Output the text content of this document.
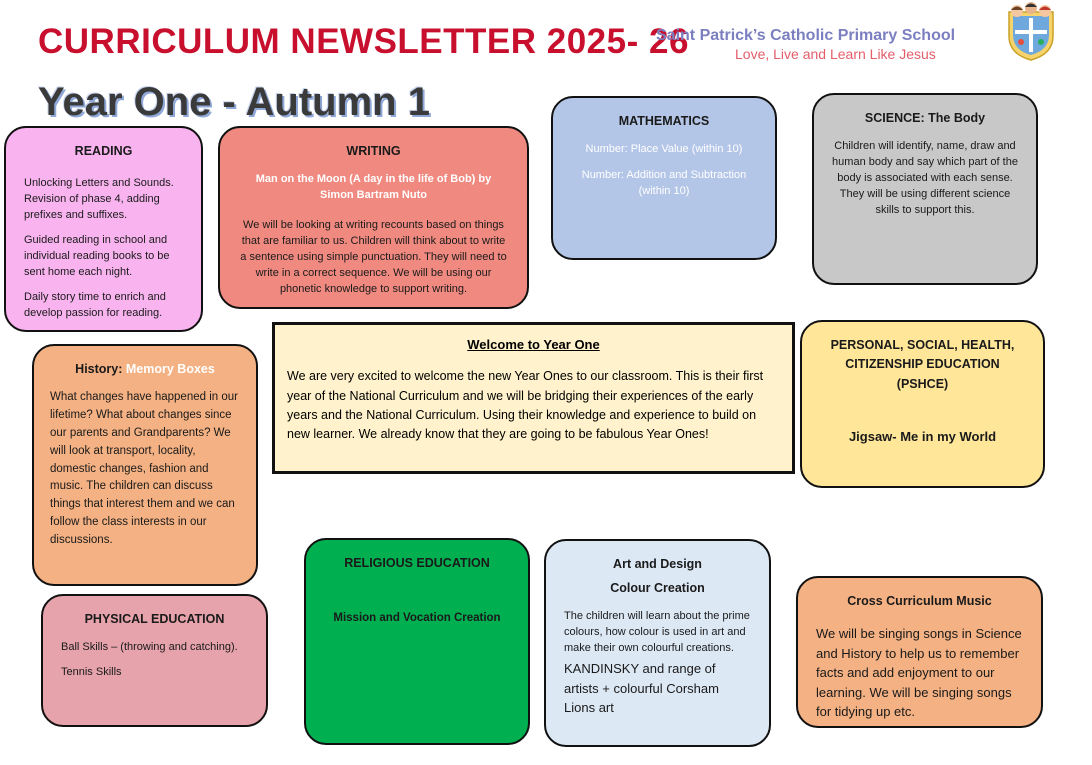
CURRICULUM NEWSLETTER 2025- 26
Year One - Autumn 1
Saint Patrick’s Catholic Primary School
Love, Live and Learn Like Jesus
READING

Unlocking Letters and Sounds. Revision of phase 4, adding prefixes and suffixes.

Guided reading in school and individual reading books to be sent home each night.

Daily story time to enrich and develop passion for reading.

WRITING

Man on the Moon (A day in the life of Bob) by Simon Bartram Nuto

We will be looking at writing recounts based on things that are familiar to us. Children will think about to write a sentence using simple punctuation. They will need to write in a correct sequence. We will be using our phonetic knowledge to support writing.

MATHEMATICS

Number: Place Value (within 10)

Number: Addition and Subtraction (within 10)

SCIENCE: The Body

Children will identify, name, draw and human body and say which part of the body is associated with each sense. They will be using different science skills to support this.

Welcome to Year One
We are very excited to welcome the new Year Ones to our classroom. This is their first year of the National Curriculum and we will be bridging their experiences of the early years and the National Curriculum. Using their knowledge and experience to build on new learner. We already know that they are going to be fabulous Year Ones!
PERSONAL, SOCIAL, HEALTH, CITIZENSHIP EDUCATION (PSHCE)
Jigsaw- Me in my World
History: Memory Boxes
What changes have happened in our lifetime? What about changes since our parents and Grandparents? We will look at transport, locality, domestic changes, fashion and music. The children can discuss things that interest them and we can follow the class interests in our discussions.
PHYSICAL EDUCATION

Ball Skills – (throwing and catching).

Tennis Skills

RELIGIOUS EDUCATION
Mission and Vocation Creation
Art and Design
Colour Creation

The children will learn about the prime colours, how colour is used in art and make their own colourful creations.

KANDINSKY and range of artists + colourful Corsham Lions art
Cross Curriculum Music
We will be singing songs in Science and History to help us to remember facts and add enjoyment to our learning. We will be singing songs for tidying up etc.
